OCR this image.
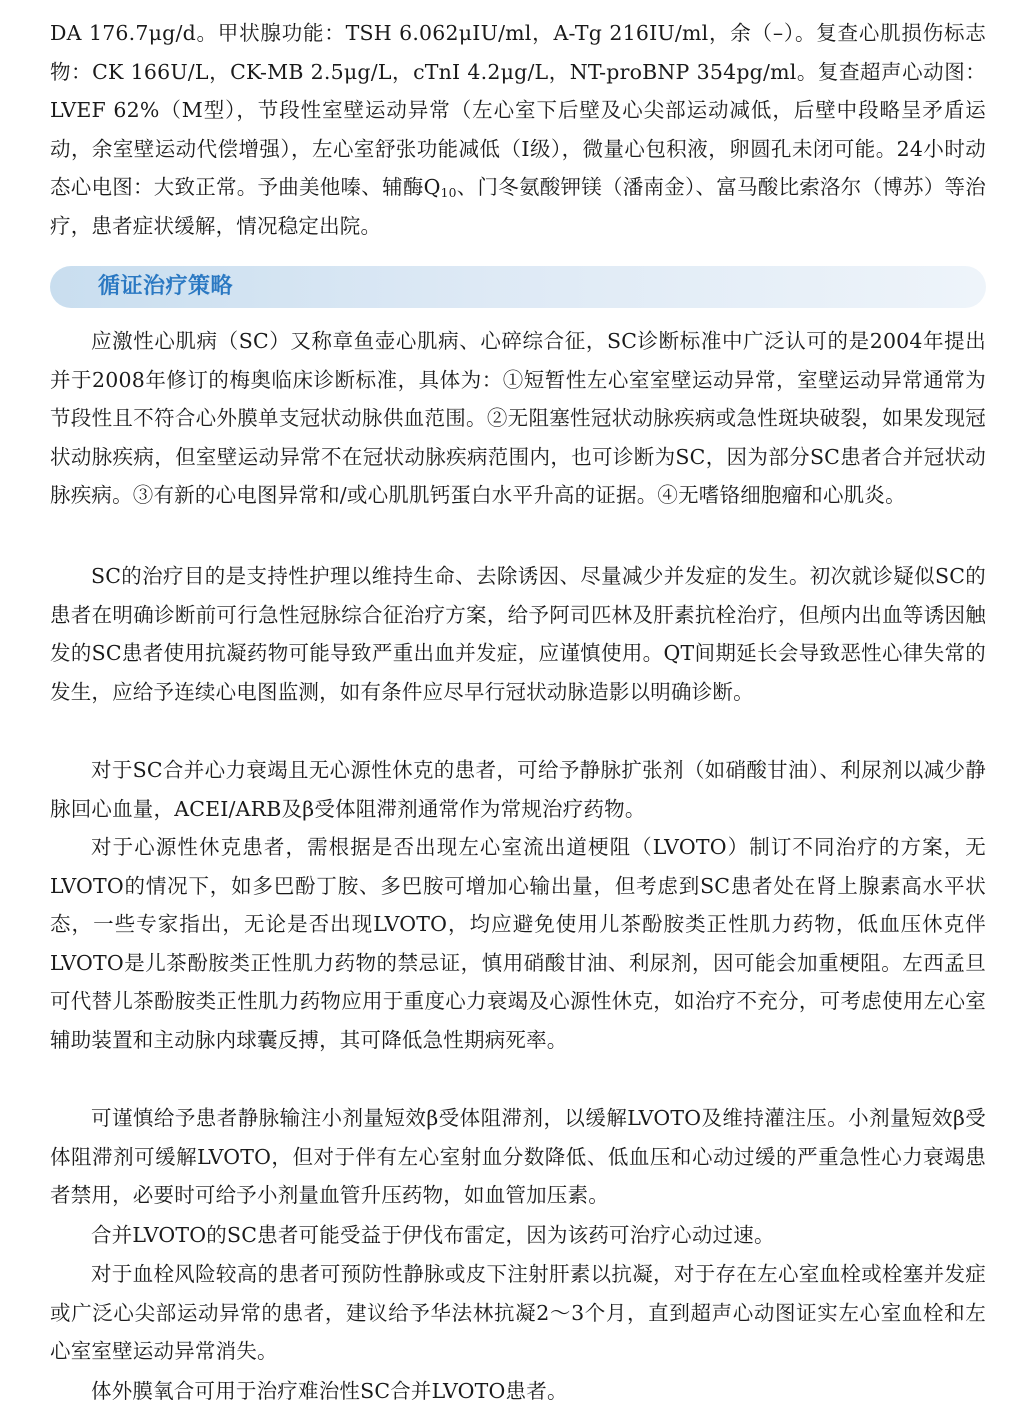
DA 176.7μg/d。甲状腺功能：TSH 6.062μIU/ml，A-Tg 216IU/ml，余（–）。复查心肌损伤标志物：CK 166U/L，CK-MB 2.5μg/L，cTnI 4.2μg/L，NT-proBNP 354pg/ml。复查超声心动图：LVEF 62%（M型），节段性室壁运动异常（左心室下后壁及心尖部运动减低，后壁中段略呈矛盾运动，余室壁运动代偿增强），左心室舒张功能减低（Ⅰ级），微量心包积液，卵圆孔未闭可能。24小时动态心电图：大致正常。予曲美他嗪、辅酶$Q_{10}$、门冬氨酸钾镁（潘南金）、富马酸比索洛尔（博苏）等治疗，患者症状缓解，情况稳定出院。

循证治疗策略

应激性心肌病（SC）又称章鱼壶心肌病、心碎综合征，SC诊断标准中广泛认可的是2004年提出并于2008年修订的梅奥临床诊断标准，具体为：①短暂性左心室室壁运动异常，室壁运动异常通常为节段性且不符合心外膜单支冠状动脉供血范围。②无阻塞性冠状动脉疾病或急性斑块破裂，如果发现冠状动脉疾病，但室壁运动异常不在冠状动脉疾病范围内，也可诊断为SC，因为部分SC患者合并冠状动脉疾病。③有新的心电图异常和/或心肌肌钙蛋白水平升高的证据。④无嗜铬细胞瘤和心肌炎。

SC的治疗目的是支持性护理以维持生命、去除诱因、尽量减少并发症的发生。初次就诊疑似SC的患者在明确诊断前可行急性冠脉综合征治疗方案，给予阿司匹林及肝素抗栓治疗，但颅内出血等诱因触发的SC患者使用抗凝药物可能导致严重出血并发症，应谨慎使用。QT间期延长会导致恶性心律失常的发生，应给予连续心电图监测，如有条件应尽早行冠状动脉造影以明确诊断。

对于SC合并心力衰竭且无心源性休克的患者，可给予静脉扩张剂（如硝酸甘油）、利尿剂以减少静脉回心血量，ACEI/ARB及β受体阻滞剂通常作为常规治疗药物。

对于心源性休克患者，需根据是否出现左心室流出道梗阻（LVOTO）制订不同治疗的方案，无LVOTO的情况下，如多巴酚丁胺、多巴胺可增加心输出量，但考虑到SC患者处在肾上腺素高水平状态，一些专家指出，无论是否出现LVOTO，均应避免使用儿茶酚胺类正性肌力药物，低血压休克伴LVOTO是儿茶酚胺类正性肌力药物的禁忌证，慎用硝酸甘油、利尿剂，因可能会加重梗阻。左西孟旦可代替儿茶酚胺类正性肌力药物应用于重度心力衰竭及心源性休克，如治疗不充分，可考虑使用左心室辅助装置和主动脉内球囊反搏，其可降低急性期病死率。

可谨慎给予患者静脉输注小剂量短效β受体阻滞剂，以缓解LVOTO及维持灌注压。小剂量短效β受体阻滞剂可缓解LVOTO，但对于伴有左心室射血分数降低、低血压和心动过缓的严重急性心力衰竭患者禁用，必要时可给予小剂量血管升压药物，如血管加压素。

合并LVOTO的SC患者可能受益于伊伐布雷定，因为该药可治疗心动过速。

对于血栓风险较高的患者可预防性静脉或皮下注射肝素以抗凝，对于存在左心室血栓或栓塞并发症或广泛心尖部运动异常的患者，建议给予华法林抗凝2～3个月，直到超声心动图证实左心室血栓和左心室室壁运动异常消失。

体外膜氧合可用于治疗难治性SC合并LVOTO患者。
